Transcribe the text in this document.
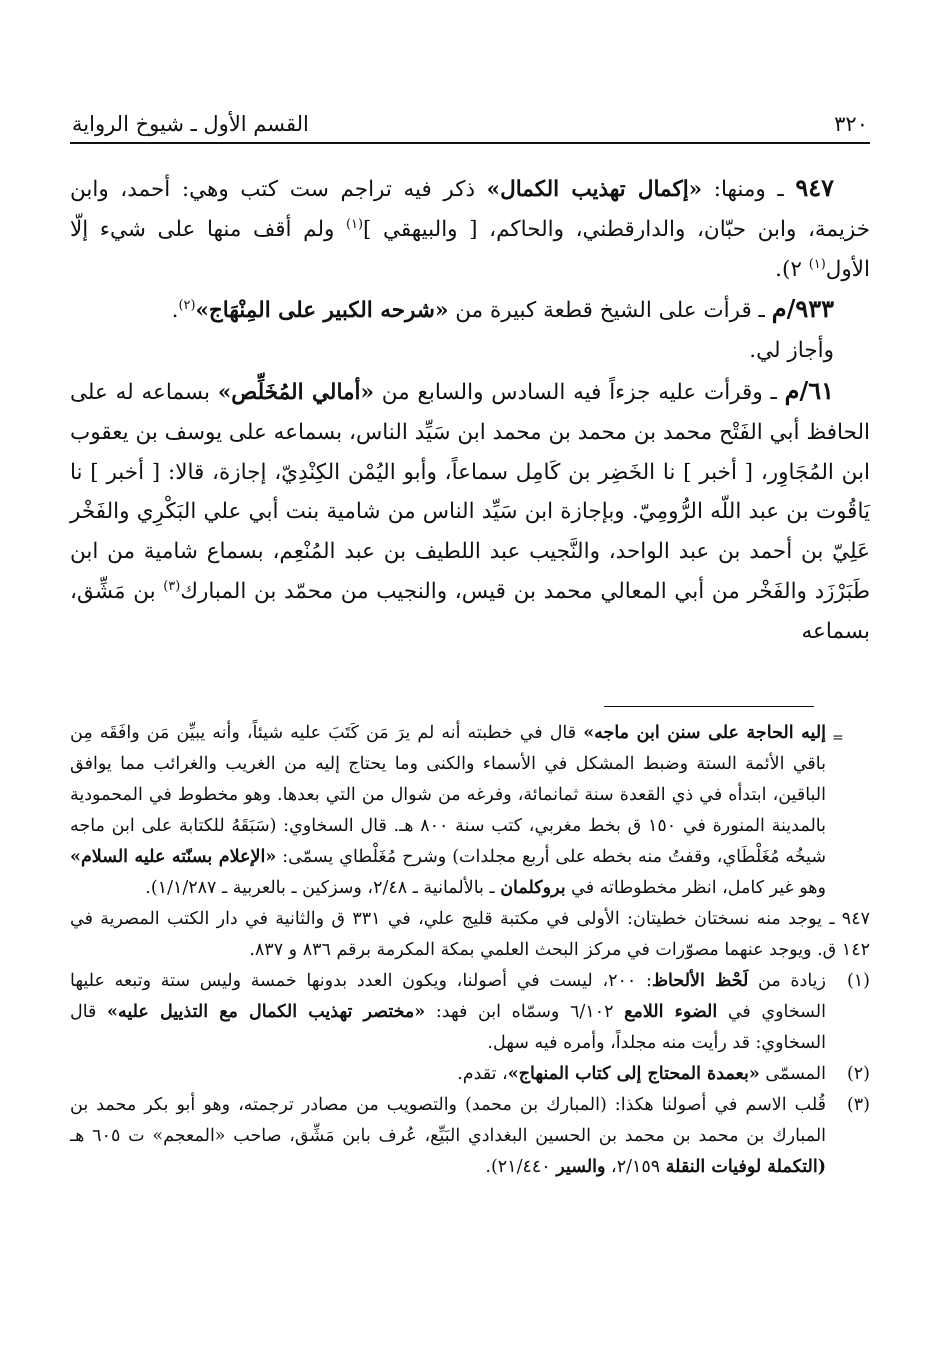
القسم الأول ـ شيوخ الرواية	٣٢٠

٩٤٧ ـ ومنها: «إكمال تهذيب الكمال» ذكر فيه تراجم ست كتب وهي: أحمد، وابن خزيمة، وابن حبّان، والدارقطني، والحاكم، [ والبيهقي ]$^{(١)}$ ولم أقف منها على شيء إلّا الأول$^{(١)}$ ٢).

٩٣٣/م ـ قرأت على الشيخ قطعة كبيرة من «شرحه الكبير على المِنْهَاج»$^{(٢)}$.

وأجاز لي.

٦١/م ـ وقرأت عليه جزءاً فيه السادس والسابع من «أمالي المُخَلِّص» بسماعه له على الحافظ أبي الفَتْح محمد بن محمد بن محمد ابن سَيِّد الناس، بسماعه على يوسف بن يعقوب ابن المُجَاوِر، [ أخبر ] نا الخَضِر بن كَامِل سماعاً، وأبو اليُمْن الكِنْدِيّ، إجازة، قالا: [ أخبر ] نا يَاقُوت بن عبد اللّه الرُّومِيّ. وبإجازة ابن سَيِّد الناس من شامية بنت أبي علي البَكْرِي والفَخْر عَلِيّ بن أحمد بن عبد الواحد، والنَّجيب عبد اللطيف بن عبد المُنْعِم، بسماع شامية من ابن طَبَرْزَد والفَخْر من أبي المعالي محمد بن قيس، والنجيب من محمّد بن المبارك$^{(٣)}$ بن مَشِّق، بسماعه

=

إليه الحاجة على سنن ابن ماجه» قال في خطبته أنه لم يرَ مَن كَتَبَ عليه شيئاً، وأنه يبيِّن مَن وافَقَه مِن باقي الأئمة الستة وضبط المشكل في الأسماء والكنى وما يحتاج إليه من الغريب والغرائب مما يوافق الباقين، ابتدأه في ذي القعدة سنة ثمانمائة، وفرغه من شوال من التي بعدها. وهو مخطوط في المحمودية بالمدينة المنورة في ١٥٠ ق بخط مغربي، كتب سنة ٨٠٠ هـ. قال السخاوي: (سَبَقَهُ للكتابة على ابن ماجه شيخُه مُغَلْطَاي، وقفتُ منه بخطه على أربع مجلدات) وشرح مُغَلْطاي يسمّى: «الإعلام بسنّته عليه السلام» وهو غير كامل، انظر مخطوطاته في بروكلمان ـ بالألمانية ـ ٢/٤٨، وسزكين ـ بالعربية ـ ١/١/٢٨٧).

٩٤٧ ـ يوجد منه نسختان خطيتان: الأولى في مكتبة قليج علي، في ٣٣١ ق والثانية في دار الكتب المصرية في ١٤٢ ق. ويوجد عنهما مصوّرات في مركز البحث العلمي بمكة المكرمة برقم ٨٣٦ و ٨٣٧.

(١)
زيادة من لَحْظ الألحاظ: ٢٠٠، ليست في أصولنا، ويكون العدد بدونها خمسة وليس ستة وتبعه عليها السخاوي في الضوء اللامع ٦/١٠٢ وسمّاه ابن فهد: «مختصر تهذيب الكمال مع التذييل عليه» قال السخاوي: قد رأيت منه مجلداً، وأمره فيه سهل.
(٢)
المسمّى «بعمدة المحتاج إلى كتاب المنهاج»، تقدم.
(٣)
قُلب الاسم في أصولنا هكذا: (المبارك بن محمد) والتصويب من مصادر ترجمته، وهو أبو بكر محمد بن المبارك بن محمد بن محمد بن الحسين البغدادي البَيِّع، عُرف بابن مَشِّق، صاحب «المعجم» ت ٦٠٥ هـ (التكملة لوفيات النقلة ٢/١٥٩، والسير ٢١/٤٤٠).
